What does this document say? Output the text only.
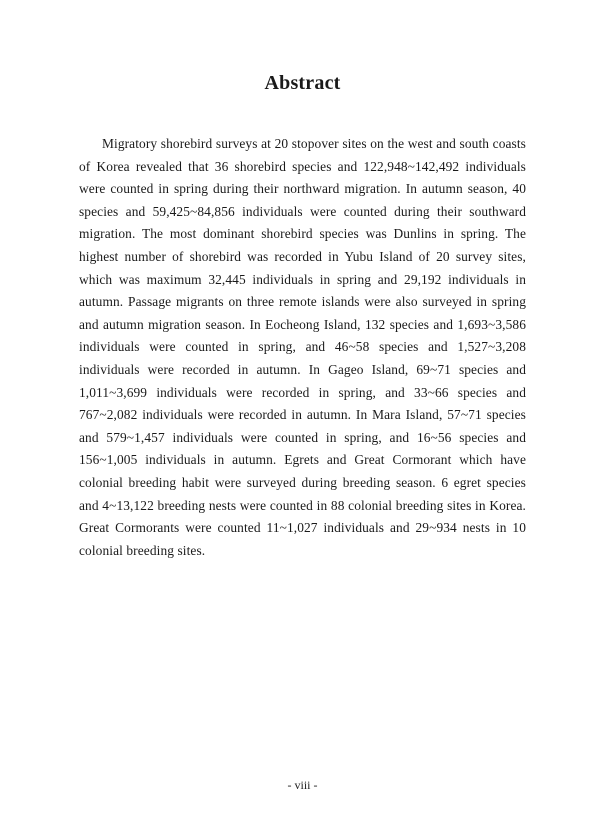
Abstract

Migratory shorebird surveys at 20 stopover sites on the west and south coasts of Korea revealed that 36 shorebird species and 122,948~142,492 individuals were counted in spring during their northward migration. In autumn season, 40 species and 59,425~84,856 individuals were counted during their southward migration. The most dominant shorebird species was Dunlins in spring. The highest number of shorebird was recorded in Yubu Island of 20 survey sites, which was maximum 32,445 individuals in spring and 29,192 individuals in autumn. Passage migrants on three remote islands were also surveyed in spring and autumn migration season. In Eocheong Island, 132 species and 1,693~3,586 individuals were counted in spring, and 46~58 species and 1,527~3,208 individuals were recorded in autumn. In Gageo Island, 69~71 species and 1,011~3,699 individuals were recorded in spring, and 33~66 species and 767~2,082 individuals were recorded in autumn. In Mara Island, 57~71 species and 579~1,457 individuals were counted in spring, and 16~56 species and 156~1,005 individuals in autumn. Egrets and Great Cormorant which have colonial breeding habit were surveyed during breeding season. 6 egret species and 4~13,122 breeding nests were counted in 88 colonial breeding sites in Korea. Great Cormorants were counted 11~1,027 individuals and 29~934 nests in 10 colonial breeding sites.

- viii -
